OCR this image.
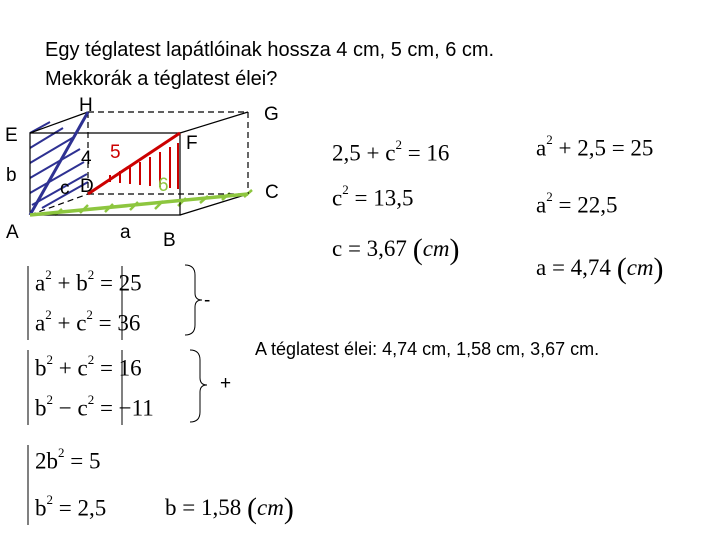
Egy téglatest lapátlóinak hossza 4 cm, 5 cm, 6 cm.
Mekkorák a téglatest élei?
H	G
E	F
b
c D	C
A	a B
4 5
6
$2,5 + c^2 = 16$
$c^2 = 13,5$
c = 3,67 (cm)
$a^2 + 2,5 = 25$
$a^2 = 22,5$
a = 4,74 (cm)
$a^2 + b^2 = 25$
$a^2 + c^2 = 36$
$b^2 + c^2 = 16$
$b^2 - c^2 = -11$
-
+
$2b^2 = 5$
$b^2 = 2,5$	b = 1,58 (cm)
A téglatest élei: 4,74 cm, 1,58 cm, 3,67 cm.
